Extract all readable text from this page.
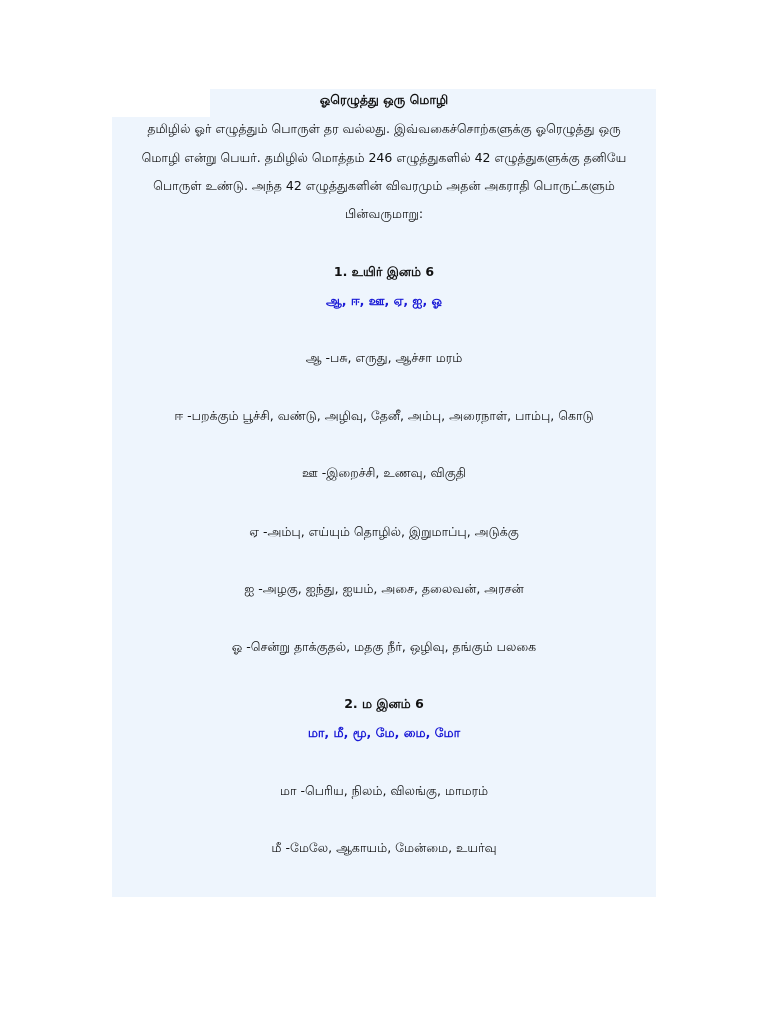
ஓரெழுத்து ஒரு மொழி
தமிழில் ஓர் எழுத்தும் பொருள் தர வல்லது. இவ்வகைச்சொற்களுக்கு ஓரெழுத்து ஒரு
மொழி என்று பெயர். தமிழில் மொத்தம் 246 எழுத்துகளில் 42 எழுத்துகளுக்கு தனியே
பொருள் உண்டு. அந்த 42 எழுத்துகளின் விவரமும் அதன் அகராதி பொருட்களும்
பின்வருமாறு:
1. உயிர் இனம் 6
ஆ, ஈ, ஊ, ஏ, ஐ, ஓ
ஆ -பசு, எருது, ஆச்சா மரம்
ஈ -பறக்கும் பூச்சி, வண்டு, அழிவு, தேனீ, அம்பு, அரைநாள், பாம்பு, கொடு
ஊ -இறைச்சி, உணவு, விகுதி
ஏ -அம்பு, எய்யும் தொழில், இறுமாப்பு, அடுக்கு
ஐ -அழகு, ஐந்து, ஐயம், அசை, தலைவன், அரசன்
ஓ -சென்று தாக்குதல், மதகு நீர், ஒழிவு, தங்கும் பலகை
2. ம இனம் 6
மா, மீ, மூ, மே, மை, மோ
மா -பெரிய, நிலம், விலங்கு, மாமரம்
மீ -மேலே, ஆகாயம், மேன்மை, உயர்வு
